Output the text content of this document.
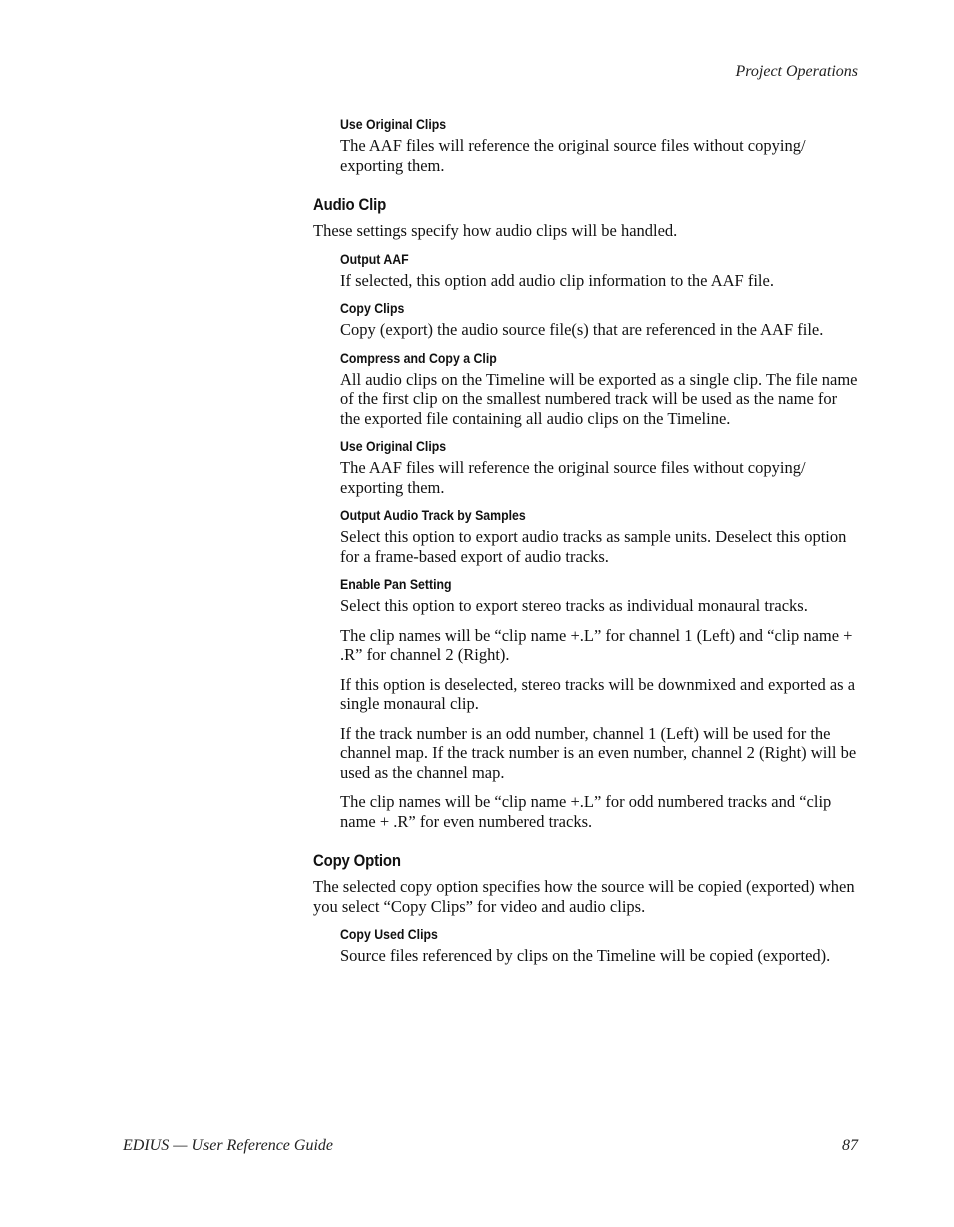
Project Operations
Use Original Clips
The AAF files will reference the original source files without copying/ exporting them.
Audio Clip
These settings specify how audio clips will be handled.
Output AAF
If selected, this option add audio clip information to the AAF file.
Copy Clips
Copy (export) the audio source file(s) that are referenced in the AAF file.
Compress and Copy a Clip
All audio clips on the Timeline will be exported as a single clip. The file name of the first clip on the smallest numbered track will be used as the name for the exported file containing all audio clips on the Timeline.
Use Original Clips
The AAF files will reference the original source files without copying/ exporting them.
Output Audio Track by Samples
Select this option to export audio tracks as sample units. Deselect this option for a frame-based export of audio tracks.
Enable Pan Setting
Select this option to export stereo tracks as individual monaural tracks.
The clip names will be “clip name +.L” for channel 1 (Left) and “clip name + .R” for channel 2 (Right).
If this option is deselected, stereo tracks will be downmixed and exported as a single monaural clip.
If the track number is an odd number, channel 1 (Left) will be used for the channel map. If the track number is an even number, channel 2 (Right) will be used as the channel map.
The clip names will be “clip name +.L” for odd numbered tracks and “clip name + .R” for even numbered tracks.
Copy Option
The selected copy option specifies how the source will be copied (exported) when you select “Copy Clips” for video and audio clips.
Copy Used Clips
Source files referenced by clips on the Timeline will be copied (exported).
EDIUS — User Reference Guide	87
